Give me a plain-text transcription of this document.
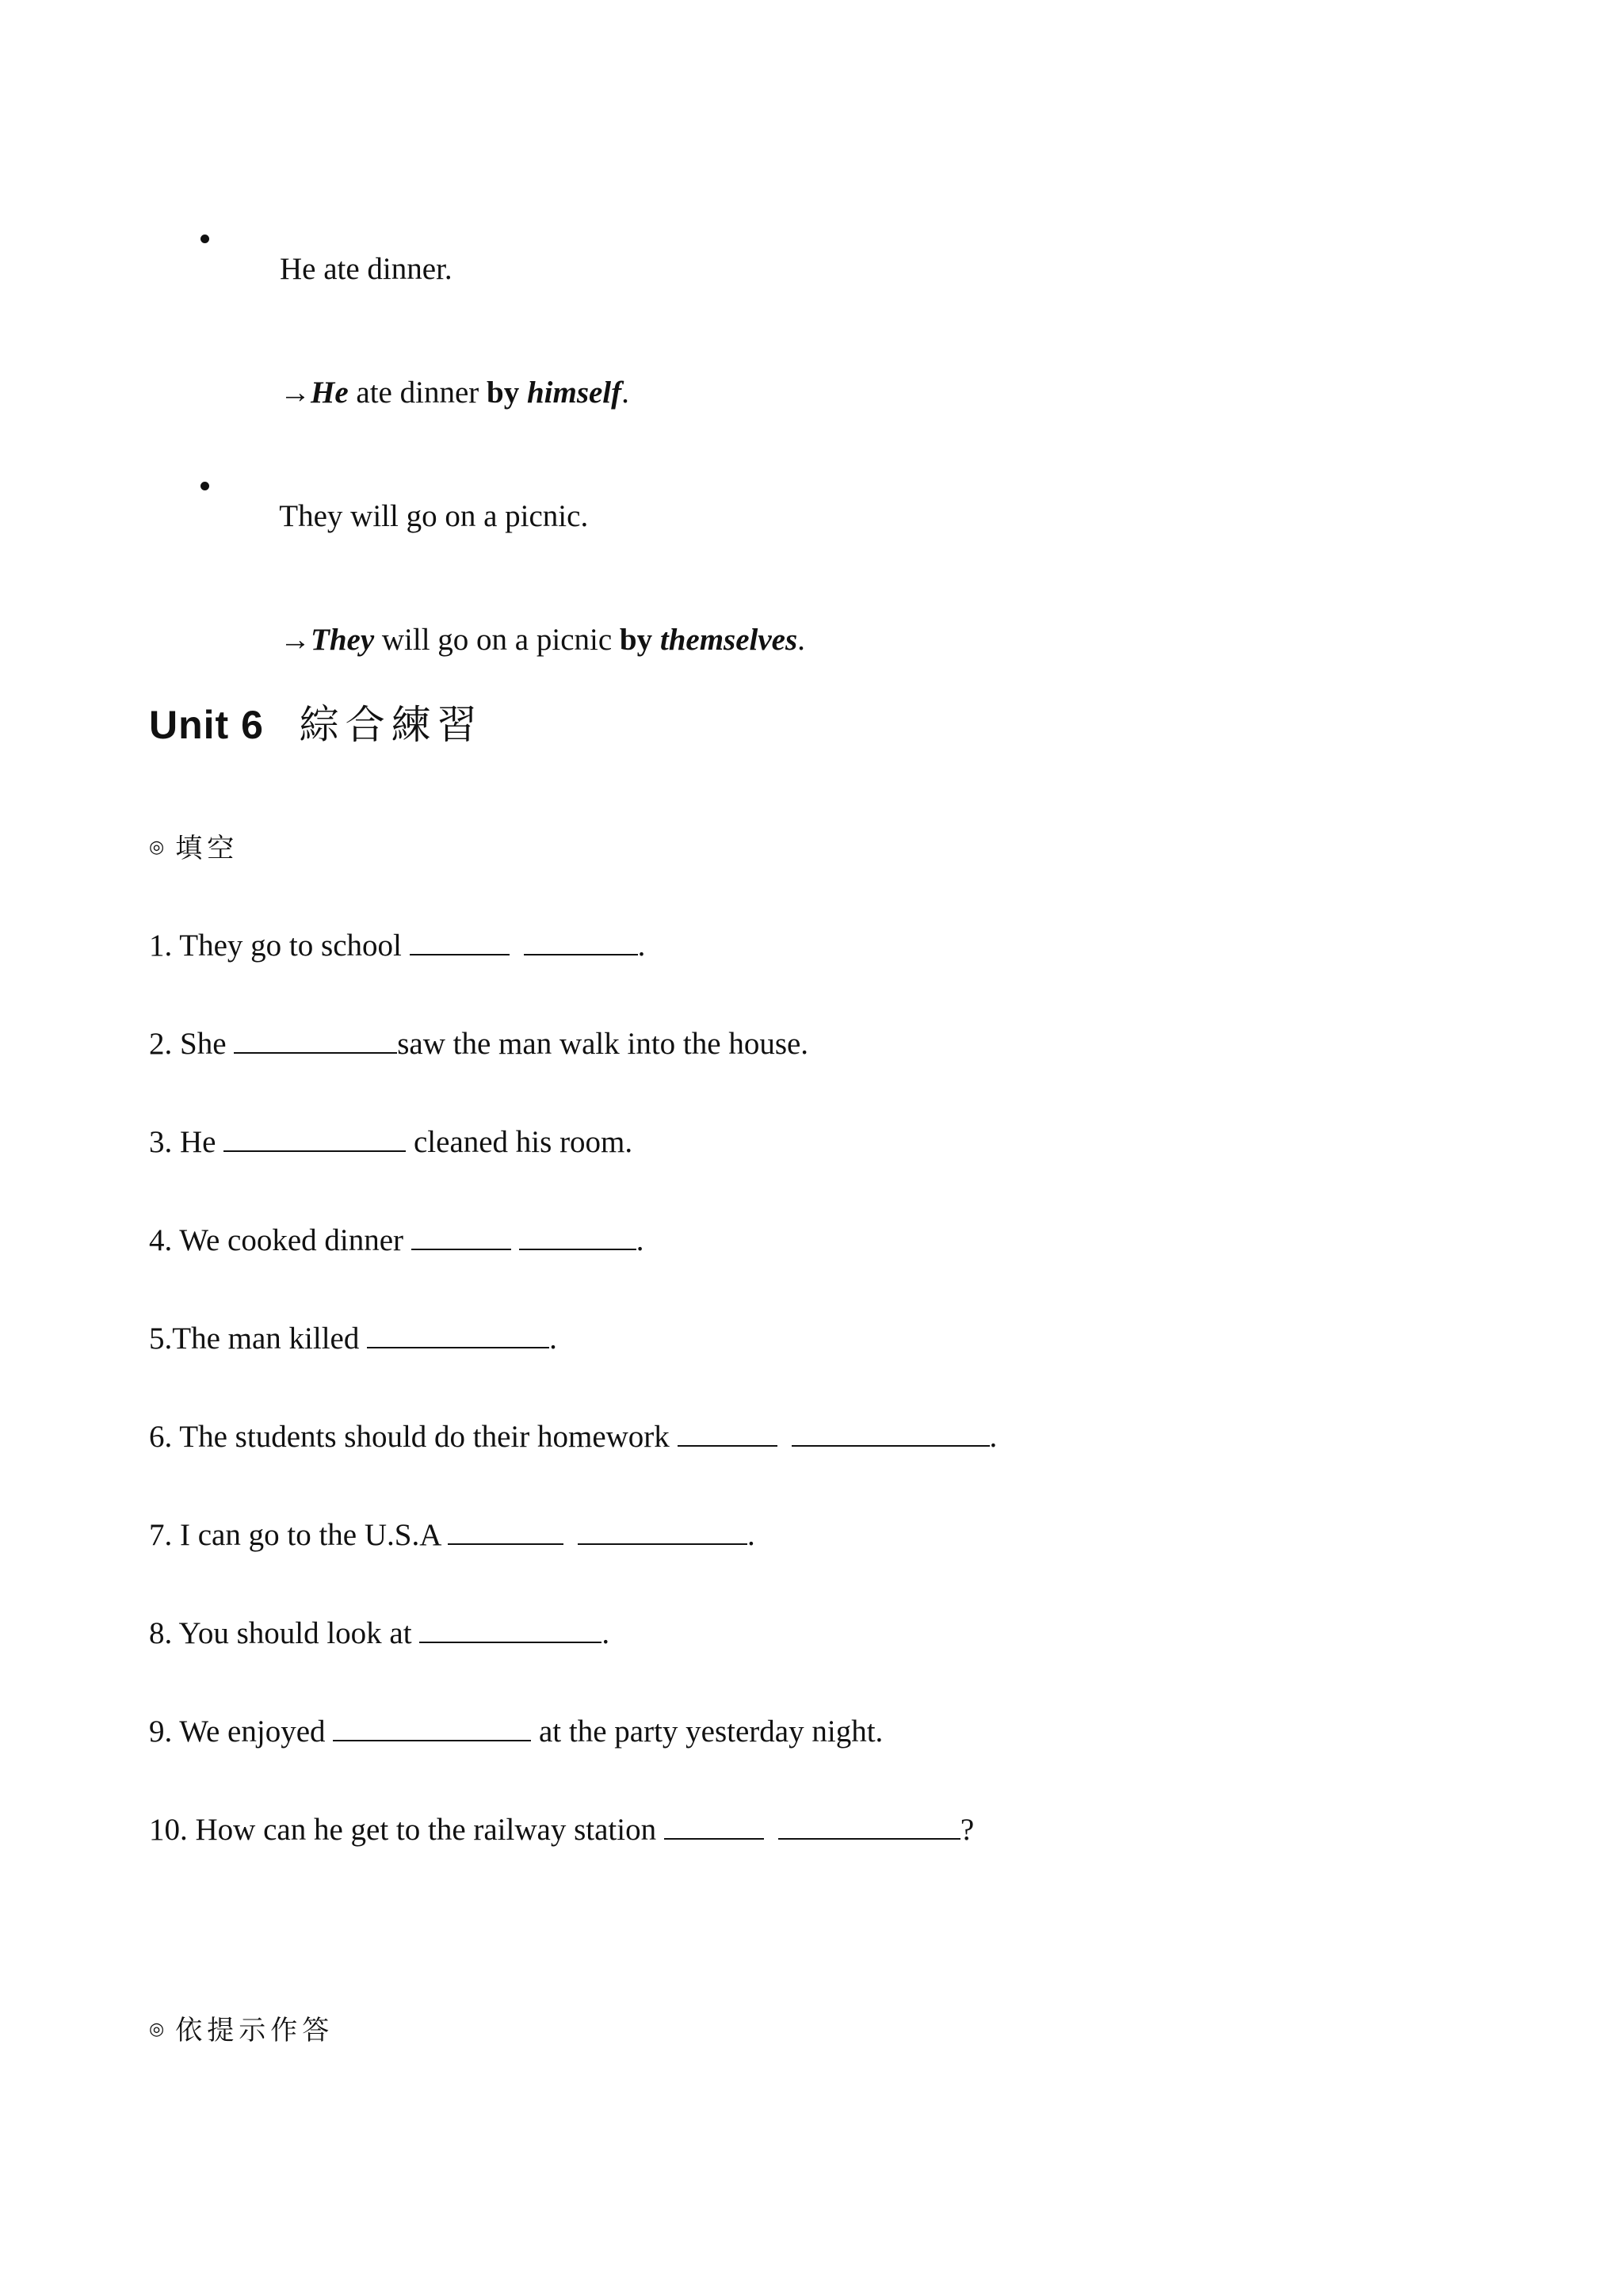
He ate dinner.

→He ate dinner by himself.

They will go on a picnic.

→They will go on a picnic by themselves.

Unit 6 綜合練習
◎ 填空
1. They go to school	.
2. She	saw the man walk into the house.
3. He	cleaned his room.
4. We cooked dinner	.
5.The man killed	.
6. The students should do their homework	.
7. I can go to the U.S.A	.
8. You should look at	.
9. We enjoyed	at the party yesterday night.
10. How can he get to the railway station	?
◎ 依提示作答
